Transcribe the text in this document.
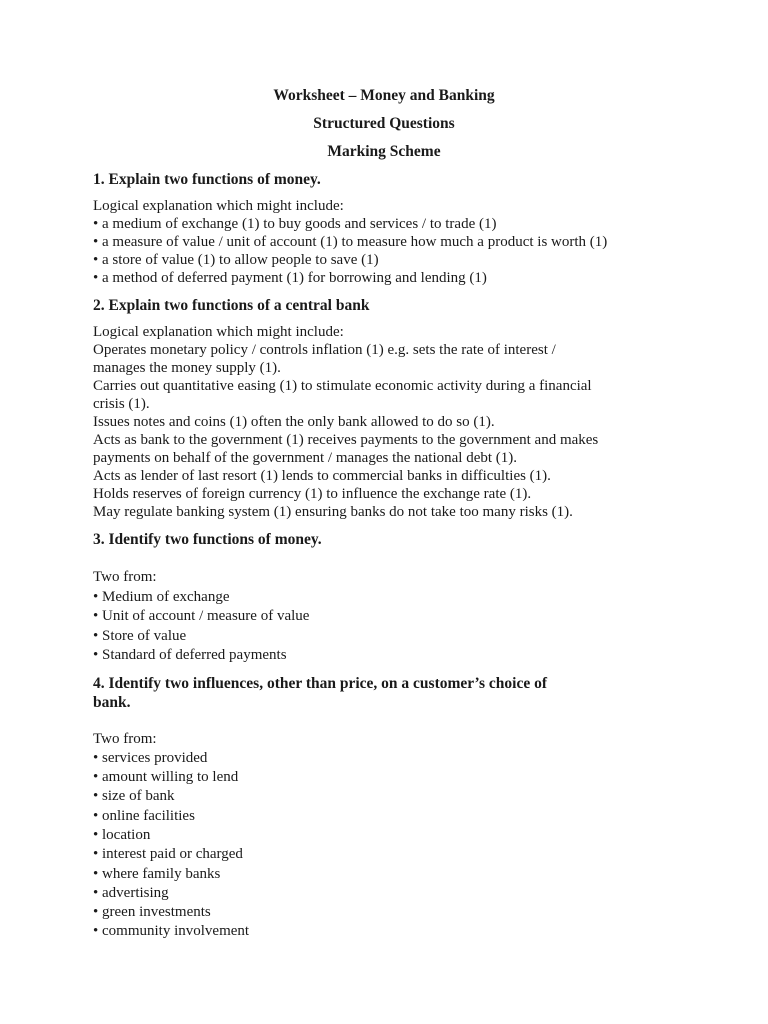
Worksheet – Money and Banking
Structured Questions
Marking Scheme
1. Explain two functions of money.
Logical explanation which might include:
• a medium of exchange (1) to buy goods and services / to trade (1)
• a measure of value / unit of account (1) to measure how much a product is worth (1)
• a store of value (1) to allow people to save (1)
• a method of deferred payment (1) for borrowing and lending (1)
2. Explain two functions of a central bank
Logical explanation which might include:
Operates monetary policy / controls inflation (1) e.g. sets the rate of interest /
manages the money supply (1).
Carries out quantitative easing (1) to stimulate economic activity during a financial
crisis (1).
Issues notes and coins (1) often the only bank allowed to do so (1).
Acts as bank to the government (1) receives payments to the government and makes
payments on behalf of the government / manages the national debt (1).
Acts as lender of last resort (1) lends to commercial banks in difficulties (1).
Holds reserves of foreign currency (1) to influence the exchange rate (1).
May regulate banking system (1) ensuring banks do not take too many risks (1).
3. Identify two functions of money.
Two from:
• Medium of exchange
• Unit of account / measure of value
• Store of value
• Standard of deferred payments
4. Identify two influences, other than price, on a customer’s choice of
bank.
Two from:
• services provided
• amount willing to lend
• size of bank
• online facilities
• location
• interest paid or charged
• where family banks
• advertising
• green investments
• community involvement
